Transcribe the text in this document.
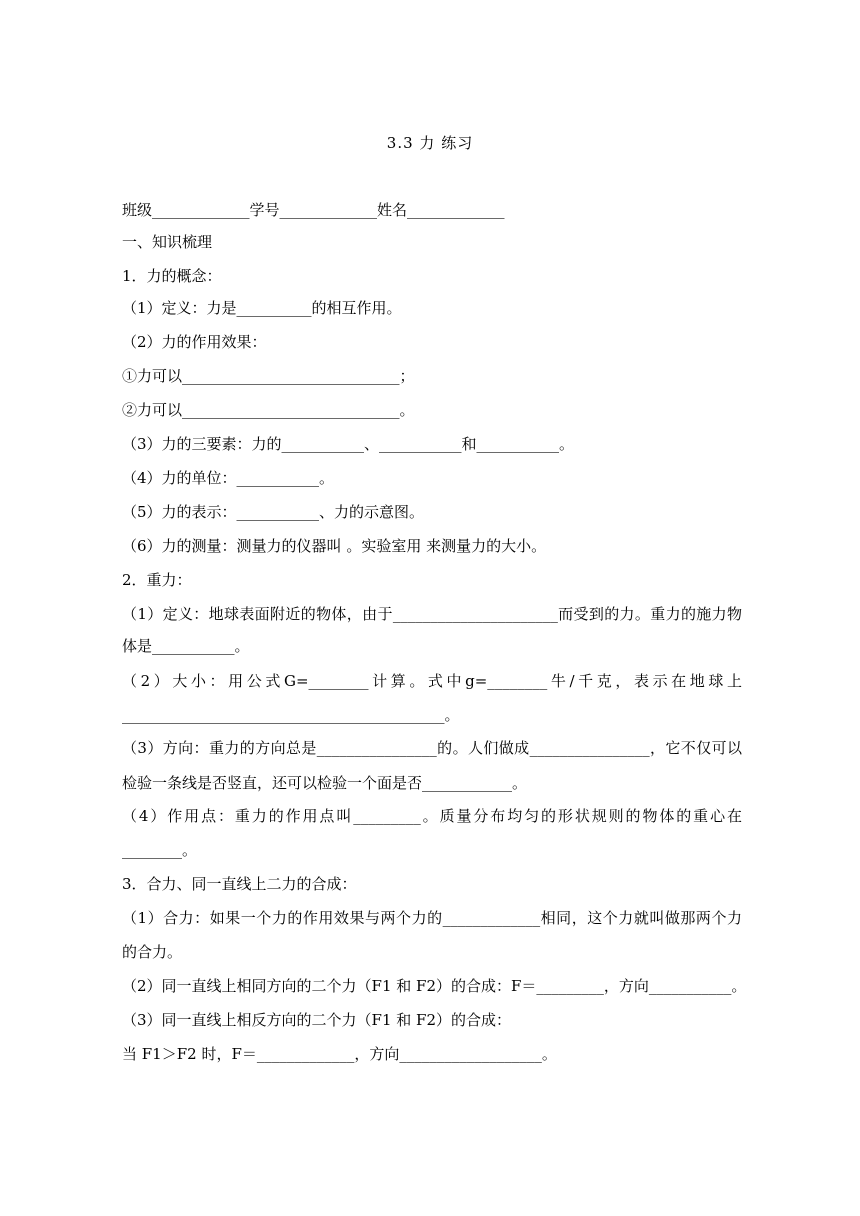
3.3 力 练习
班级_____________学号_____________姓名_____________
一、知识梳理
1．力的概念：
（1）定义：力是__________的相互作用。
（2）力的作用效果：
①力可以_____________________________；
②力可以_____________________________。
（3）力的三要素：力的___________、___________和___________。
（4）力的单位：___________。
（5）力的表示：___________、力的示意图。
（6）力的测量：测量力的仪器叫 。实验室用 来测量力的大小。
2．重力：
（1）定义：地球表面附近的物体，由于______________________而受到的力。重力的施力物
体是___________。
（2）大小：用公式G=________计算。式中g=________牛/千克，表示在地球上
___________________________________________。
（3）方向：重力的方向总是________________的。人们做成________________，它不仅可以
检验一条线是否竖直，还可以检验一个面是否____________。
（4）作用点：重力的作用点叫_________。质量分布均匀的形状规则的物体的重心在
________。
3．合力、同一直线上二力的合成：
（1）合力：如果一个力的作用效果与两个力的_____________相同，这个力就叫做那两个力
的合力。
（2）同一直线上相同方向的二个力（F1 和 F2）的合成：F＝_________，方向___________。
（3）同一直线上相反方向的二个力（F1 和 F2）的合成：
当 F1＞F2 时，F＝_____________，方向___________________。
